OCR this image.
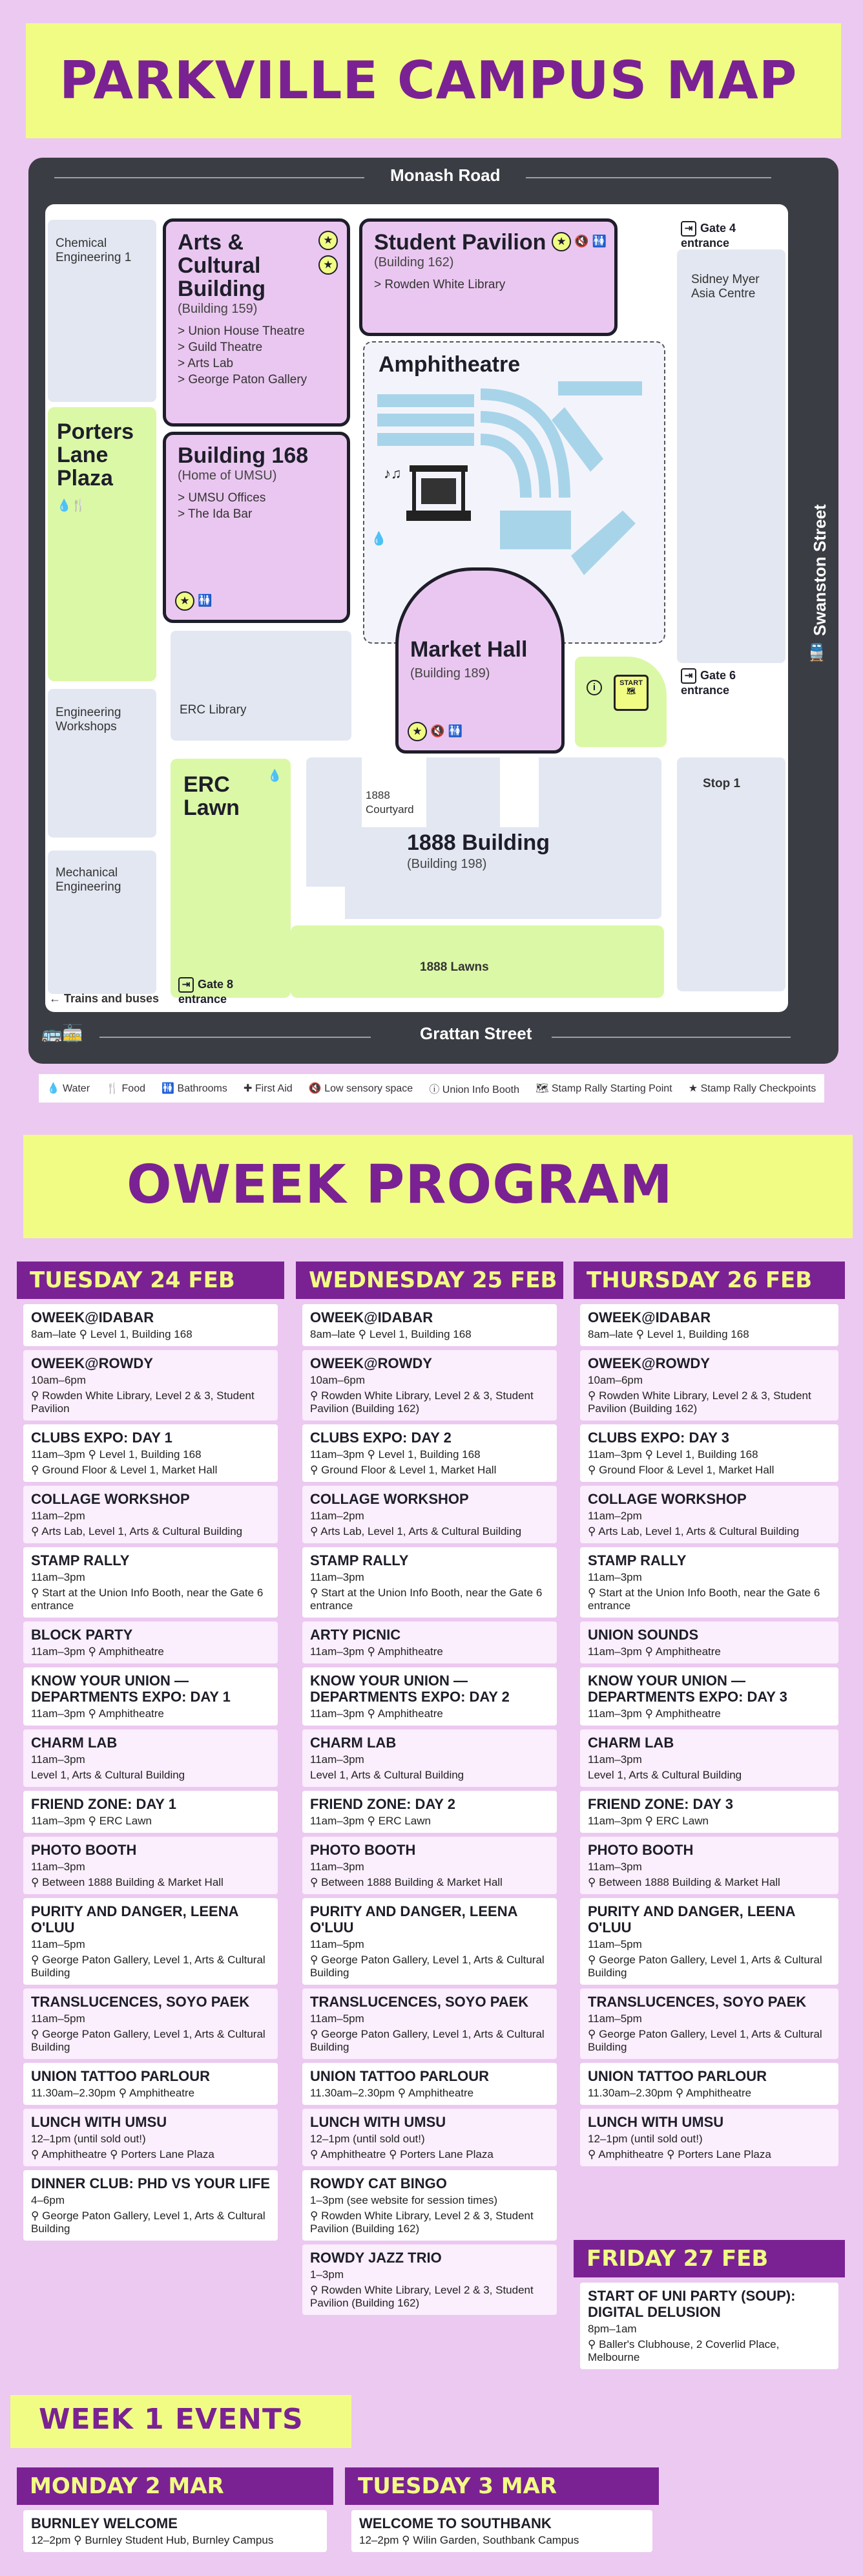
PARKVILLE CAMPUS MAP
Monash Road
Swanston Street
🚆
Grattan Street
🚌🚋
Chemical Engineering 1
Arts & Cultural Building
(Building 159)
> Union House Theatre
> Guild Theatre
> Arts Lab
> George Paton Gallery
★
★
Student Pavilion
(Building 162)
> Rowden White Library
★ 🔇 🚻
⇥ Gate 4 entrance
Sidney Myer Asia Centre
Porters Lane Plaza
💧🍴
Building 168
(Home of UMSU)
> UMSU Offices
> The Ida Bar
★ 🚻
Amphitheatre
♪♫
💧
Market Hall
(Building 189)
★ 🔇 🚻
i	START
🗺
⇥ Gate 6 entrance
Engineering Workshops
ERC Library
ERC Lawn
💧
1888 Lawns
1888 Courtyard
1888 Building
(Building 198)
Stop 1
Mechanical Engineering
⇥ Gate 8 entrance
← Trains and buses
💧 Water 🍴 Food 🚻 Bathrooms ✚ First Aid 🔇 Low sensory space ⓘ Union Info Booth 🗺 Stamp Rally Starting Point ★ Stamp Rally Checkpoints
OWEEK PROGRAM
TUESDAY 24 FEB
OWEEK@IDABAR
8am–late ⚲ Level 1, Building 168
OWEEK@ROWDY
10am–6pm
⚲ Rowden White Library, Level 2 & 3, Student Pavilion
CLUBS EXPO: DAY 1
11am–3pm ⚲ Level 1, Building 168
⚲ Ground Floor & Level 1, Market Hall
COLLAGE WORKSHOP
11am–2pm
⚲ Arts Lab, Level 1, Arts & Cultural Building
STAMP RALLY
11am–3pm
⚲ Start at the Union Info Booth, near the Gate 6 entrance
BLOCK PARTY
11am–3pm ⚲ Amphitheatre
KNOW YOUR UNION — DEPARTMENTS EXPO: DAY 1
11am–3pm ⚲ Amphitheatre
CHARM LAB
11am–3pm
Level 1, Arts & Cultural Building
FRIEND ZONE: DAY 1
11am–3pm ⚲ ERC Lawn
PHOTO BOOTH
11am–3pm
⚲ Between 1888 Building & Market Hall
PURITY AND DANGER, LEENA O'LUU
11am–5pm
⚲ George Paton Gallery, Level 1, Arts & Cultural Building
TRANSLUCENCES, SOYO PAEK
11am–5pm
⚲ George Paton Gallery, Level 1, Arts & Cultural Building
UNION TATTOO PARLOUR
11.30am–2.30pm ⚲ Amphitheatre
LUNCH WITH UMSU
12–1pm (until sold out!)
⚲ Amphitheatre ⚲ Porters Lane Plaza
DINNER CLUB: PHD VS YOUR LIFE
4–6pm
⚲ George Paton Gallery, Level 1, Arts & Cultural Building
WEDNESDAY 25 FEB
OWEEK@IDABAR
8am–late ⚲ Level 1, Building 168
OWEEK@ROWDY
10am–6pm
⚲ Rowden White Library, Level 2 & 3, Student Pavilion (Building 162)
CLUBS EXPO: DAY 2
11am–3pm ⚲ Level 1, Building 168
⚲ Ground Floor & Level 1, Market Hall
COLLAGE WORKSHOP
11am–2pm
⚲ Arts Lab, Level 1, Arts & Cultural Building
STAMP RALLY
11am–3pm
⚲ Start at the Union Info Booth, near the Gate 6 entrance
ARTY PICNIC
11am–3pm ⚲ Amphitheatre
KNOW YOUR UNION — DEPARTMENTS EXPO: DAY 2
11am–3pm ⚲ Amphitheatre
CHARM LAB
11am–3pm
Level 1, Arts & Cultural Building
FRIEND ZONE: DAY 2
11am–3pm ⚲ ERC Lawn
PHOTO BOOTH
11am–3pm
⚲ Between 1888 Building & Market Hall
PURITY AND DANGER, LEENA O'LUU
11am–5pm
⚲ George Paton Gallery, Level 1, Arts & Cultural Building
TRANSLUCENCES, SOYO PAEK
11am–5pm
⚲ George Paton Gallery, Level 1, Arts & Cultural Building
UNION TATTOO PARLOUR
11.30am–2.30pm ⚲ Amphitheatre
LUNCH WITH UMSU
12–1pm (until sold out!)
⚲ Amphitheatre ⚲ Porters Lane Plaza
ROWDY CAT BINGO
1–3pm (see website for session times)
⚲ Rowden White Library, Level 2 & 3, Student Pavilion (Building 162)
ROWDY JAZZ TRIO
1–3pm
⚲ Rowden White Library, Level 2 & 3, Student Pavilion (Building 162)
THURSDAY 26 FEB
OWEEK@IDABAR
8am–late ⚲ Level 1, Building 168
OWEEK@ROWDY
10am–6pm
⚲ Rowden White Library, Level 2 & 3, Student Pavilion (Building 162)
CLUBS EXPO: DAY 3
11am–3pm ⚲ Level 1, Building 168
⚲ Ground Floor & Level 1, Market Hall
COLLAGE WORKSHOP
11am–2pm
⚲ Arts Lab, Level 1, Arts & Cultural Building
STAMP RALLY
11am–3pm
⚲ Start at the Union Info Booth, near the Gate 6 entrance
UNION SOUNDS
11am–3pm ⚲ Amphitheatre
KNOW YOUR UNION — DEPARTMENTS EXPO: DAY 3
11am–3pm ⚲ Amphitheatre
CHARM LAB
11am–3pm
Level 1, Arts & Cultural Building
FRIEND ZONE: DAY 3
11am–3pm ⚲ ERC Lawn
PHOTO BOOTH
11am–3pm
⚲ Between 1888 Building & Market Hall
PURITY AND DANGER, LEENA O'LUU
11am–5pm
⚲ George Paton Gallery, Level 1, Arts & Cultural Building
TRANSLUCENCES, SOYO PAEK
11am–5pm
⚲ George Paton Gallery, Level 1, Arts & Cultural Building
UNION TATTOO PARLOUR
11.30am–2.30pm ⚲ Amphitheatre
LUNCH WITH UMSU
12–1pm (until sold out!)
⚲ Amphitheatre ⚲ Porters Lane Plaza
FRIDAY 27 FEB
START OF UNI PARTY (SOUP): DIGITAL DELUSION
8pm–1am
⚲ Baller's Clubhouse, 2 Coverlid Place, Melbourne
WEEK 1 EVENTS
MONDAY 2 MAR
BURNLEY WELCOME
12–2pm ⚲ Burnley Student Hub, Burnley Campus
TUESDAY 3 MAR
WELCOME TO SOUTHBANK
12–2pm ⚲ Wilin Garden, Southbank Campus
